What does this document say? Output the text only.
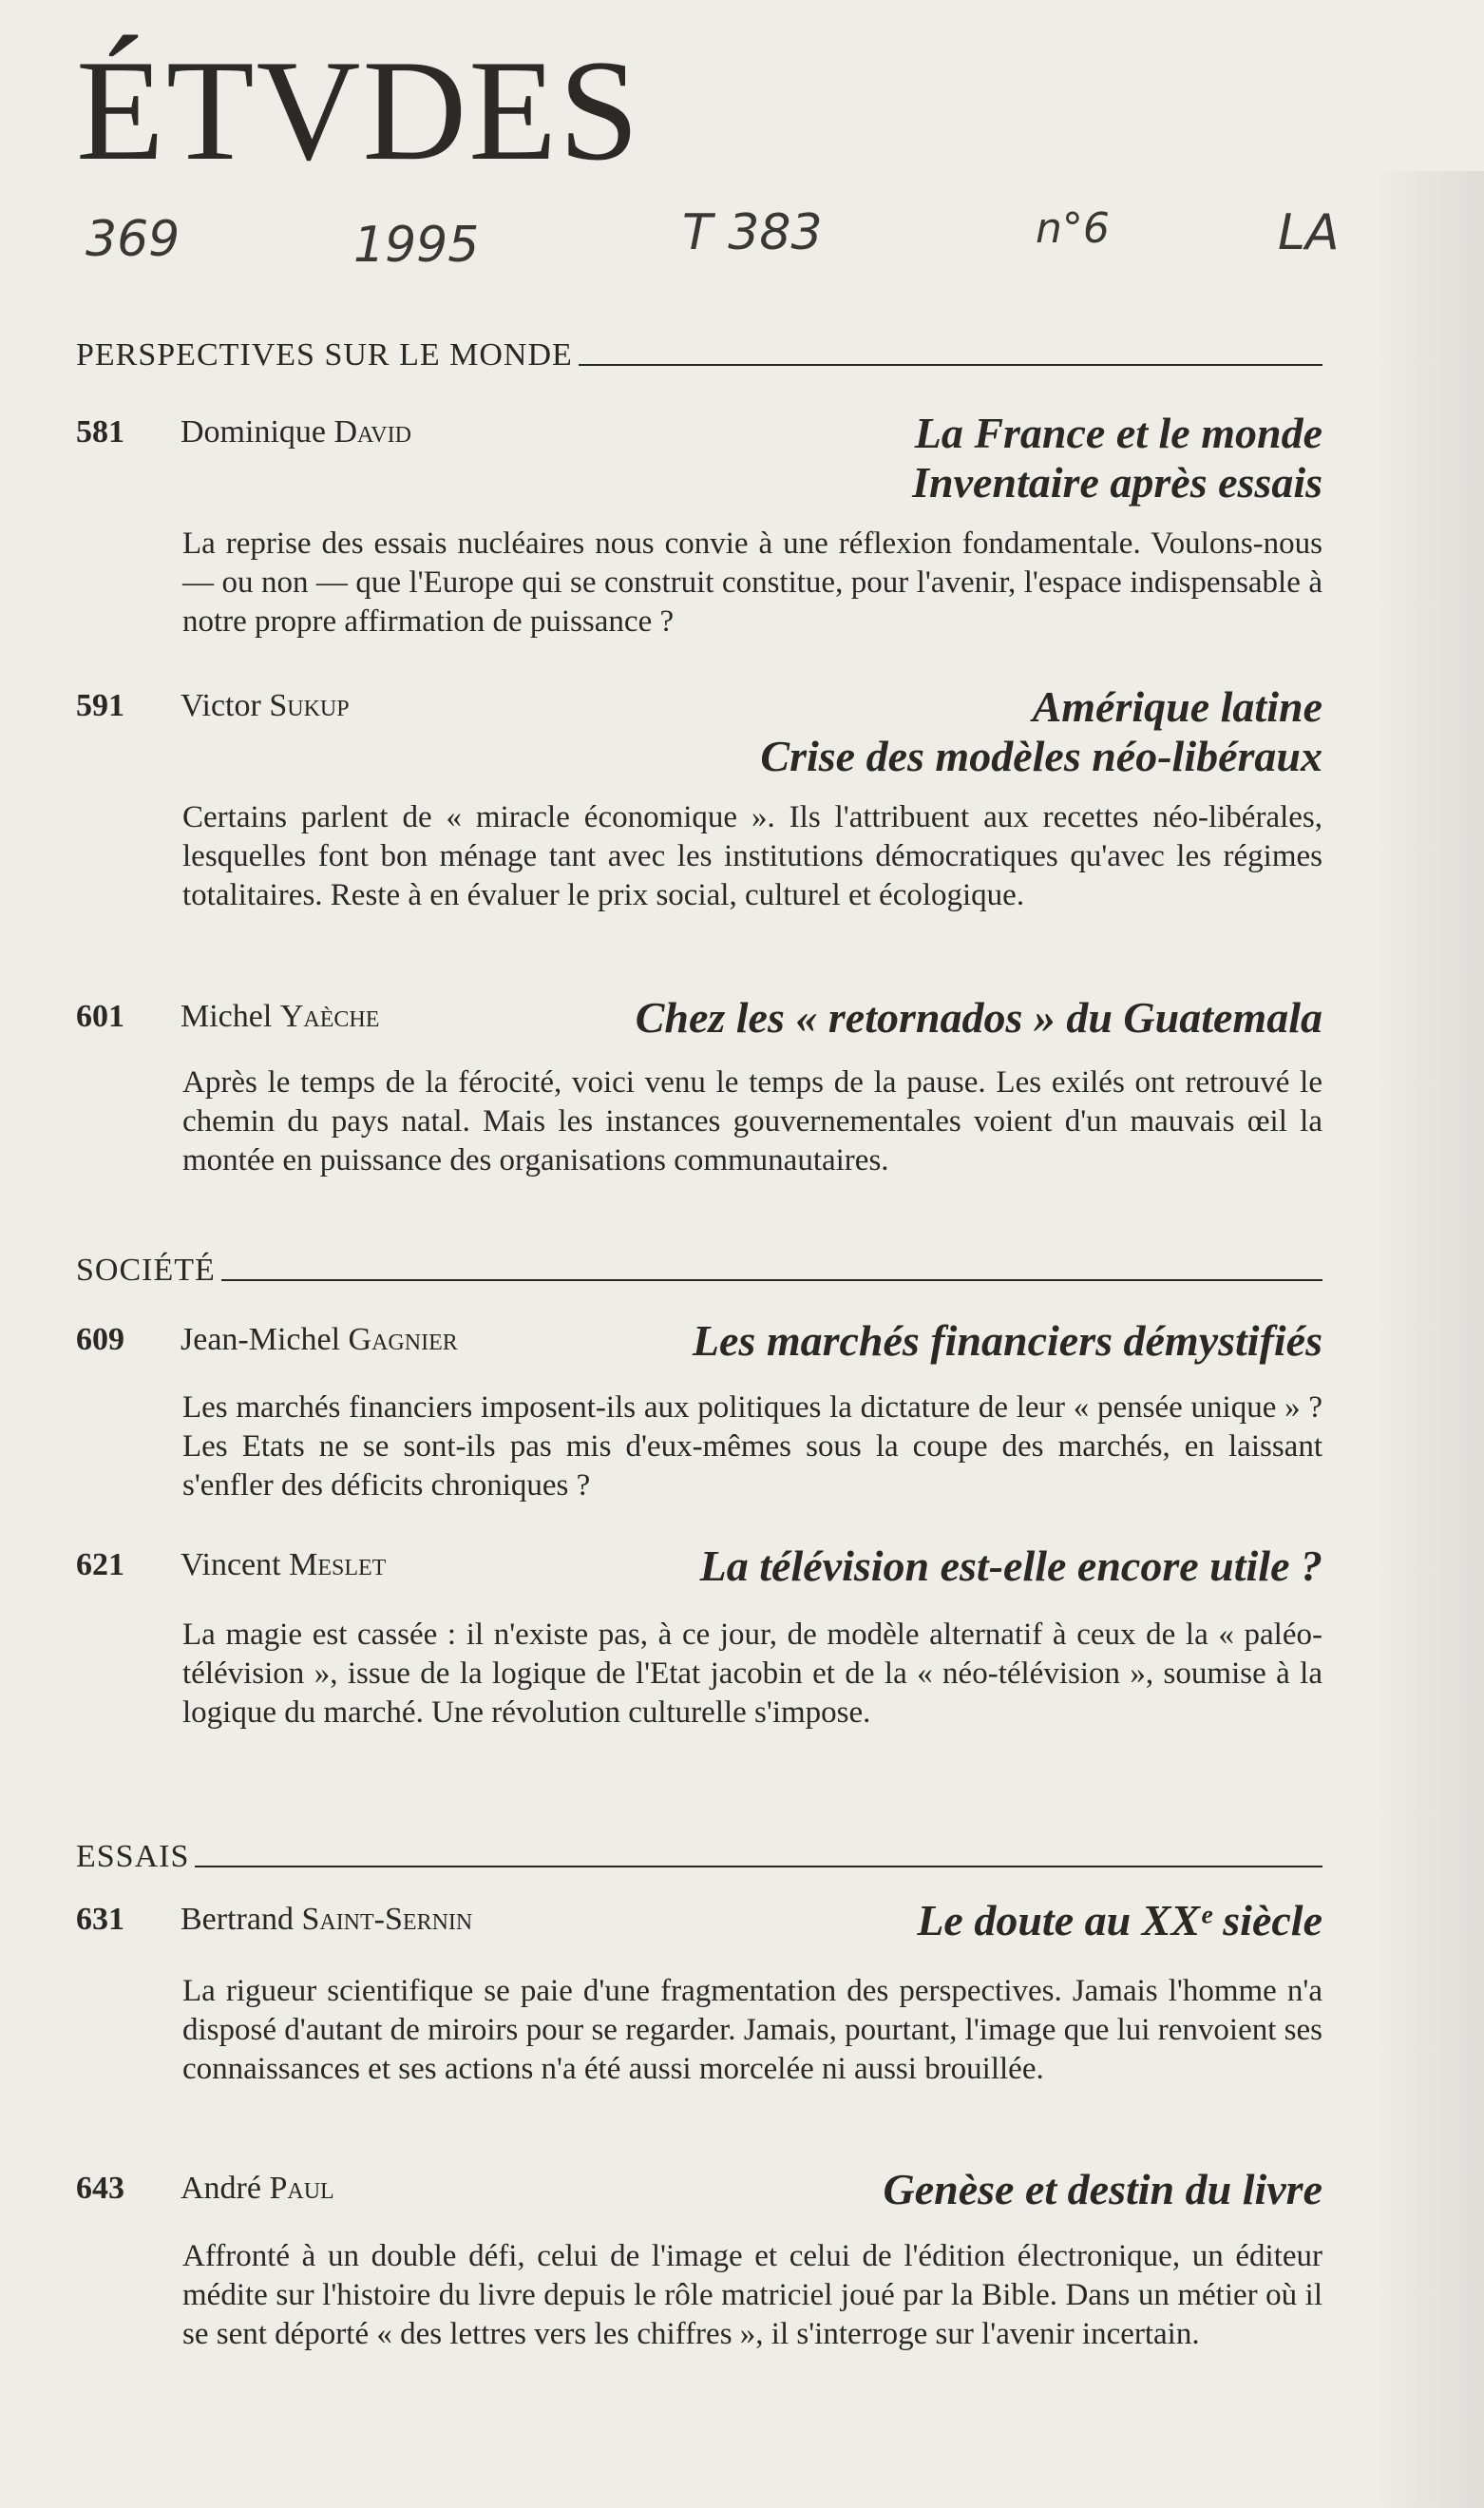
ÉTVDES
369	1995	T 383	n°6	LA
PERSPECTIVES SUR LE MONDE
581 Dominique David	La France et le monde
Inventaire après essais
La reprise des essais nucléaires nous convie à une réflexion fondamentale. Voulons-nous — ou non — que l'Europe qui se construit constitue, pour l'avenir, l'espace indispensable à notre propre affirmation de puissance ?
591 Victor Sukup	Amérique latine
Crise des modèles néo-libéraux
Certains parlent de « miracle économique ». Ils l'attribuent aux recettes néo-libérales, lesquelles font bon ménage tant avec les institutions démocratiques qu'avec les régimes totalitaires. Reste à en évaluer le prix social, culturel et écologique.
601 Michel Yaèche	Chez les « retornados » du Guatemala
Après le temps de la férocité, voici venu le temps de la pause. Les exilés ont retrouvé le chemin du pays natal. Mais les instances gouvernementales voient d'un mauvais œil la montée en puissance des organisations communautaires.
SOCIÉTÉ
609 Jean-Michel Gagnier	Les marchés financiers démystifiés
Les marchés financiers imposent-ils aux politiques la dictature de leur « pensée unique » ? Les Etats ne se sont-ils pas mis d'eux-mêmes sous la coupe des marchés, en laissant s'enfler des déficits chroniques ?
621 Vincent Meslet	La télévision est-elle encore utile ?
La magie est cassée : il n'existe pas, à ce jour, de modèle alternatif à ceux de la « paléo-télévision », issue de la logique de l'Etat jacobin et de la « néo-télévision », soumise à la logique du marché. Une révolution culturelle s'impose.
ESSAIS
631 Bertrand Saint-Sernin	Le doute au XXᵉ siècle
La rigueur scientifique se paie d'une fragmentation des perspectives. Jamais l'homme n'a disposé d'autant de miroirs pour se regarder. Jamais, pourtant, l'image que lui renvoient ses connaissances et ses actions n'a été aussi morcelée ni aussi brouillée.
643 André Paul	Genèse et destin du livre
Affronté à un double défi, celui de l'image et celui de l'édition électronique, un éditeur médite sur l'histoire du livre depuis le rôle matriciel joué par la Bible. Dans un métier où il se sent déporté « des lettres vers les chiffres », il s'interroge sur l'avenir incertain.
